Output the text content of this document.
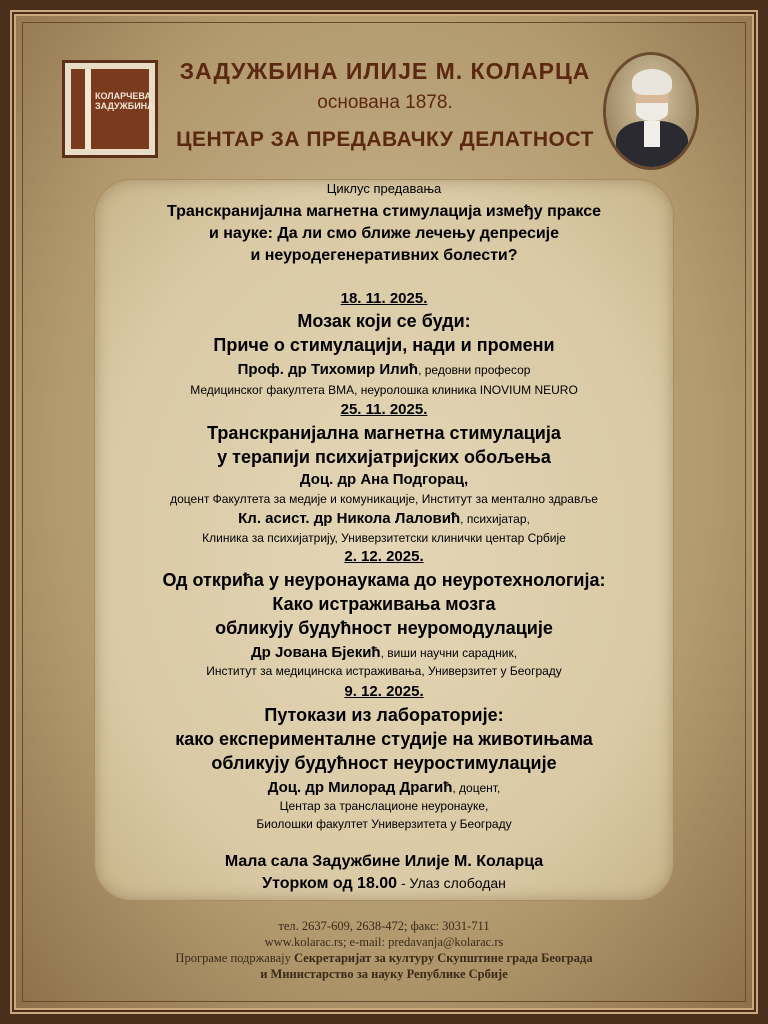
КОЛАРЧЕВА ЗАДУЖБИНА
ЗАДУЖБИНА ИЛИЈЕ М. КОЛАРЦА
основана 1878.
ЦЕНТАР ЗА ПРЕДАВАЧКУ ДЕЛАТНОСТ
Циклус предавања
Транскранијална магнетна стимулација између праксе
и науке: Да ли смо ближе лечењу депресије
и неуродегенеративних болести?
18. 11. 2025.
Мозак који се буди:
Приче о стимулацији, нади и промени
Проф. др Тихомир Илић, редовни професор
Медицинског факултета ВМА, неуролошка клиника INOVIUM NEURO
25. 11. 2025.
Транскранијална магнетна стимулација
у терапији психијатријских обољења
Доц. др Ана Подгорац,
доцент Факултета за медије и комуникације, Институт за ментално здравље
Кл. асист. др Никола Лаловић, психијатар,
Клиника за психијатрију, Универзитетски клинички центар Србије
2. 12. 2025.
Од открића у неуронаукама до неуротехнологија:
Како истраживања мозга
обликују будућност неуромодулације
Др Јована Бјекић, виши научни сарадник,
Институт за медицинска истраживања, Универзитет у Београду
9. 12. 2025.
Путокази из лабораторије:
како експерименталне студије на животињама
обликују будућност неуростимулације
Доц. др Милорад Драгић, доцент,
Центар за транслационе неуронауке,
Биолошки факултет Универзитета у Београду
Мала сала Задужбине Илије М. Коларца
Уторком од 18.00 - Улаз слободан
тел. 2637-609, 2638-472; факс: 3031-711
www.kolarac.rs; e-mail: predavanja@kolarac.rs
Програме подржавају Секретаријат за културу Скупштине града Београда
и Министарство за науку Републике Србије
